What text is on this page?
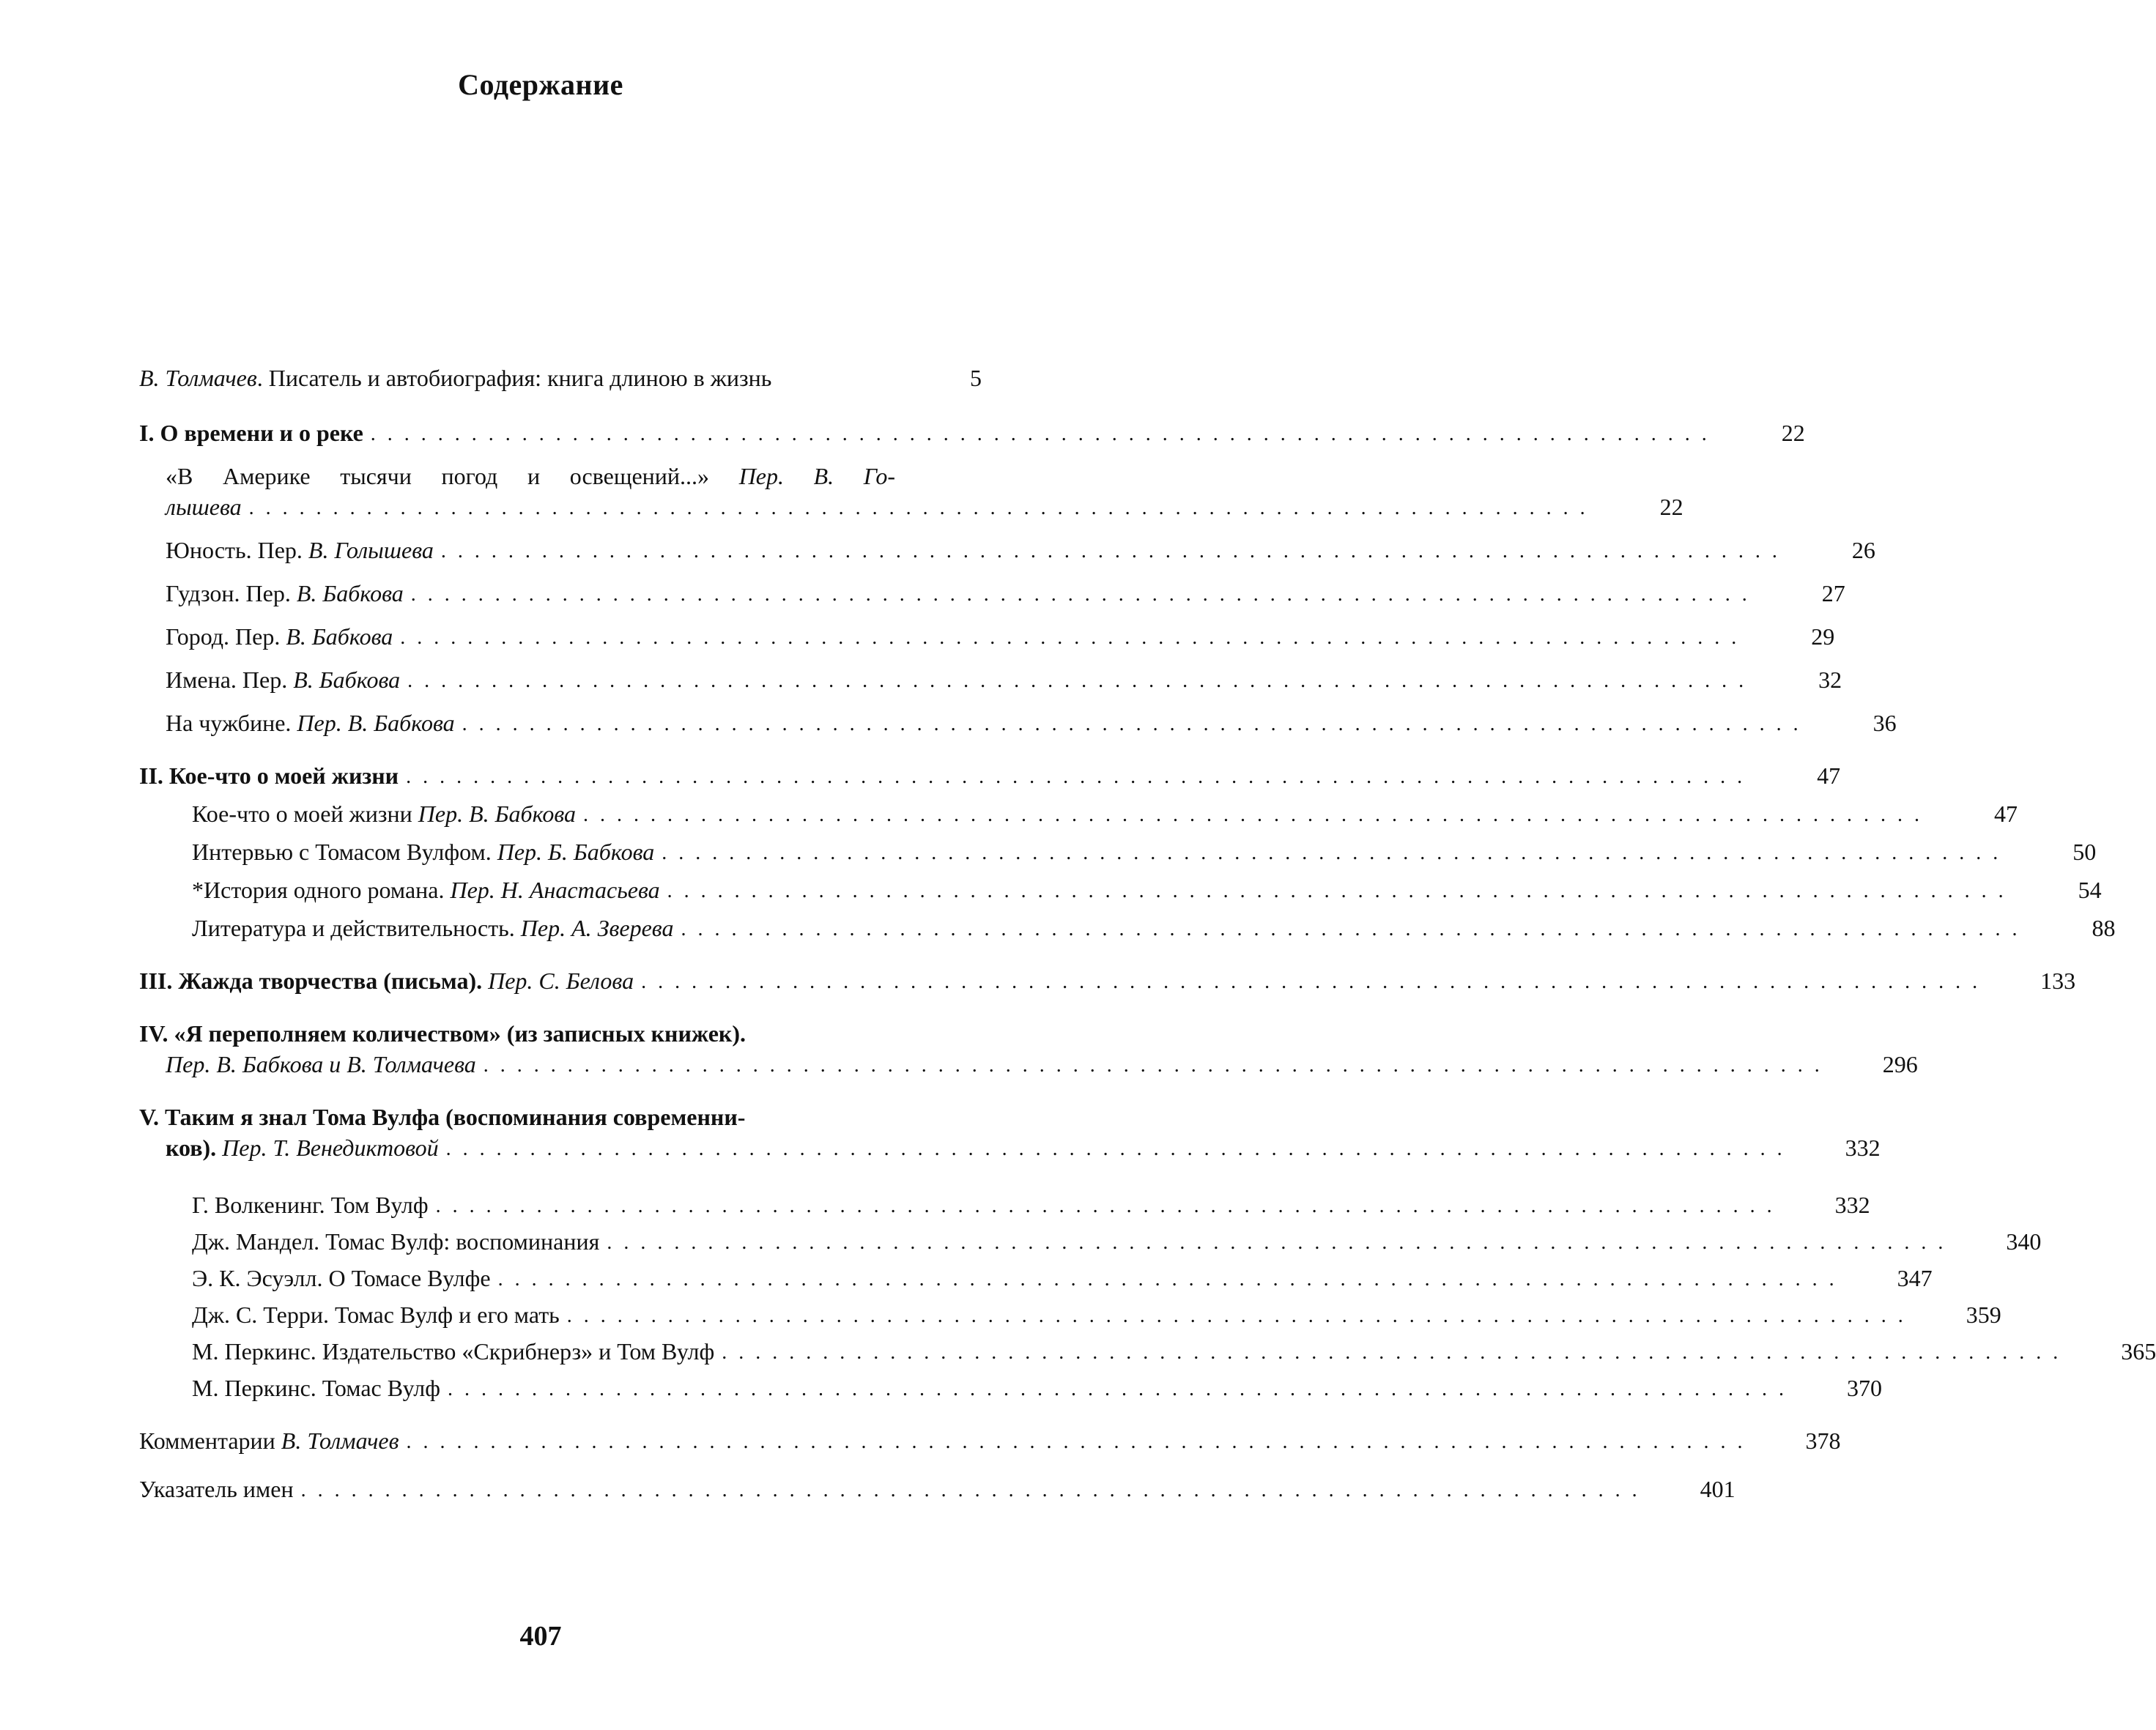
Содержание
В. Толмачев. Писатель и автобиография: книга длиною в жизнь	5
I. О времени и о реке ................................................................................	22
«В Америке тысячи погод и освещений...» Пер. В. Го-
лышева ................................................................................	22
Юность. Пер. В. Голышева ................................................................................	26
Гудзон. Пер. В. Бабкова ................................................................................	27
Город. Пер. В. Бабкова ................................................................................	29
Имена. Пер. В. Бабкова ................................................................................	32
На чужбине. Пер. В. Бабкова ................................................................................	36
II. Кое-что о моей жизни ................................................................................	47
Кое-что о моей жизни Пер. В. Бабкова ................................................................................	47
Интервью с Томасом Вулфом. Пер. Б. Бабкова ................................................................................	50
*История одного романа. Пер. Н. Анастасьева ................................................................................	54
Литература и действительность. Пер. А. Зверева ................................................................................	88
III. Жажда творчества (письма). Пер. С. Белова ................................................................................	133
IV. «Я переполняем количеством» (из записных книжек).
Пер. В. Бабкова и В. Толмачева ................................................................................	296
V. Таким я знал Тома Вулфа (воспоминания современни-
ков). Пер. Т. Венедиктовой ................................................................................	332
Г. Волкенинг. Том Вулф ................................................................................	332
Дж. Мандел. Томас Вулф: воспоминания ................................................................................	340
Э. К. Эсуэлл. О Томасе Вулфе ................................................................................	347
Дж. С. Терри. Томас Вулф и его мать ................................................................................	359
М. Перкинс. Издательство «Скрибнерз» и Том Вулф ................................................................................	365
М. Перкинс. Томас Вулф ................................................................................	370
Комментарии В. Толмачев ................................................................................	378
Указатель имен ................................................................................	401
407
